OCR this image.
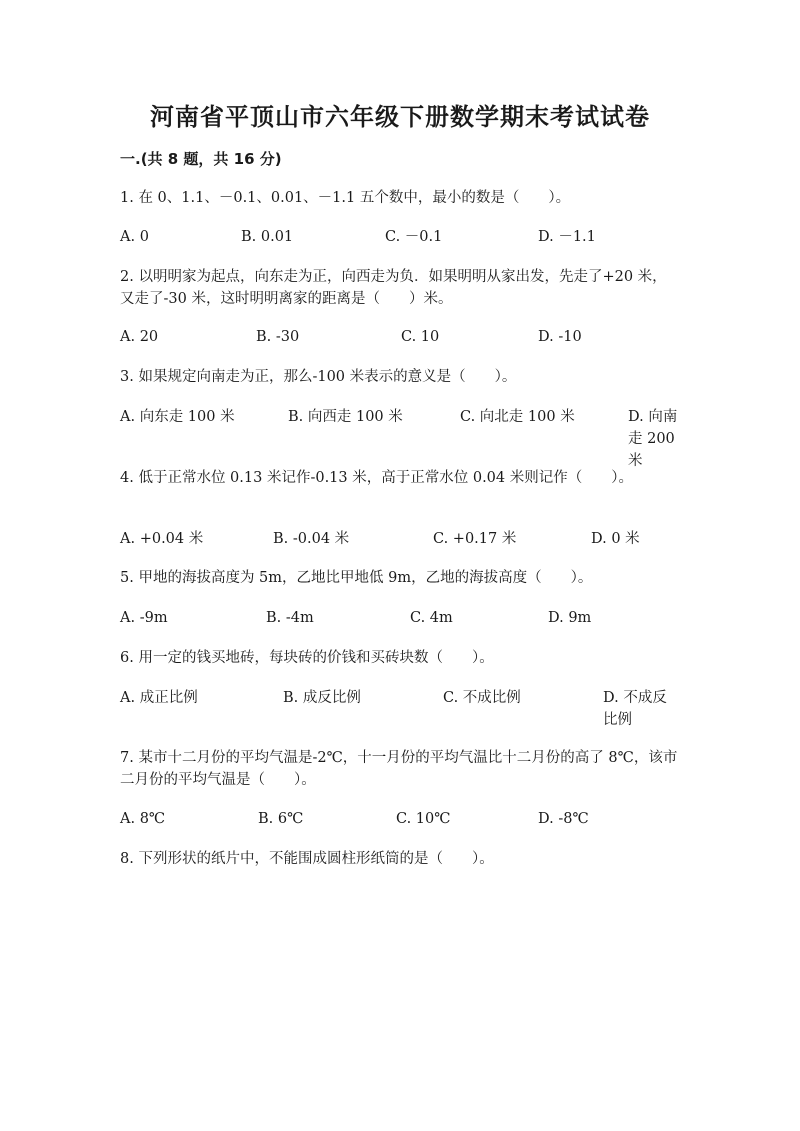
河南省平顶山市六年级下册数学期末考试试卷
一.(共 8 题，共 16 分)
1. 在 0、1.1、－0.1、0.01、－1.1 五个数中，最小的数是（　　）。
A. 0	B. 0.01	C. －0.1	D. －1.1
2. 以明明家为起点，向东走为正，向西走为负．如果明明从家出发，先走了+20 米，又走了-30 米，这时明明离家的距离是（　　）米。
A. 20	B. -30	C. 10	D. -10
3. 如果规定向南走为正，那么-100 米表示的意义是（　　）。
A. 向东走 100 米	B. 向西走 100 米	C. 向北走 100 米	D. 向南走 200 米
4. 低于正常水位 0.13 米记作-0.13 米，高于正常水位 0.04 米则记作（　　）。
A. +0.04 米	B. -0.04 米	C. +0.17 米	D. 0 米
5. 甲地的海拔高度为 5m，乙地比甲地低 9m，乙地的海拔高度（　　）。
A. -9m	B. -4m	C. 4m	D. 9m
6. 用一定的钱买地砖，每块砖的价钱和买砖块数（　　）。
A. 成正比例	B. 成反比例	C. 不成比例	D. 不成反比例
7. 某市十二月份的平均气温是-2℃，十一月份的平均气温比十二月份的高了 8℃，该市二月份的平均气温是（　　）。
A. 8℃	B. 6℃	C. 10℃	D. -8℃
8. 下列形状的纸片中，不能围成圆柱形纸筒的是（　　）。
